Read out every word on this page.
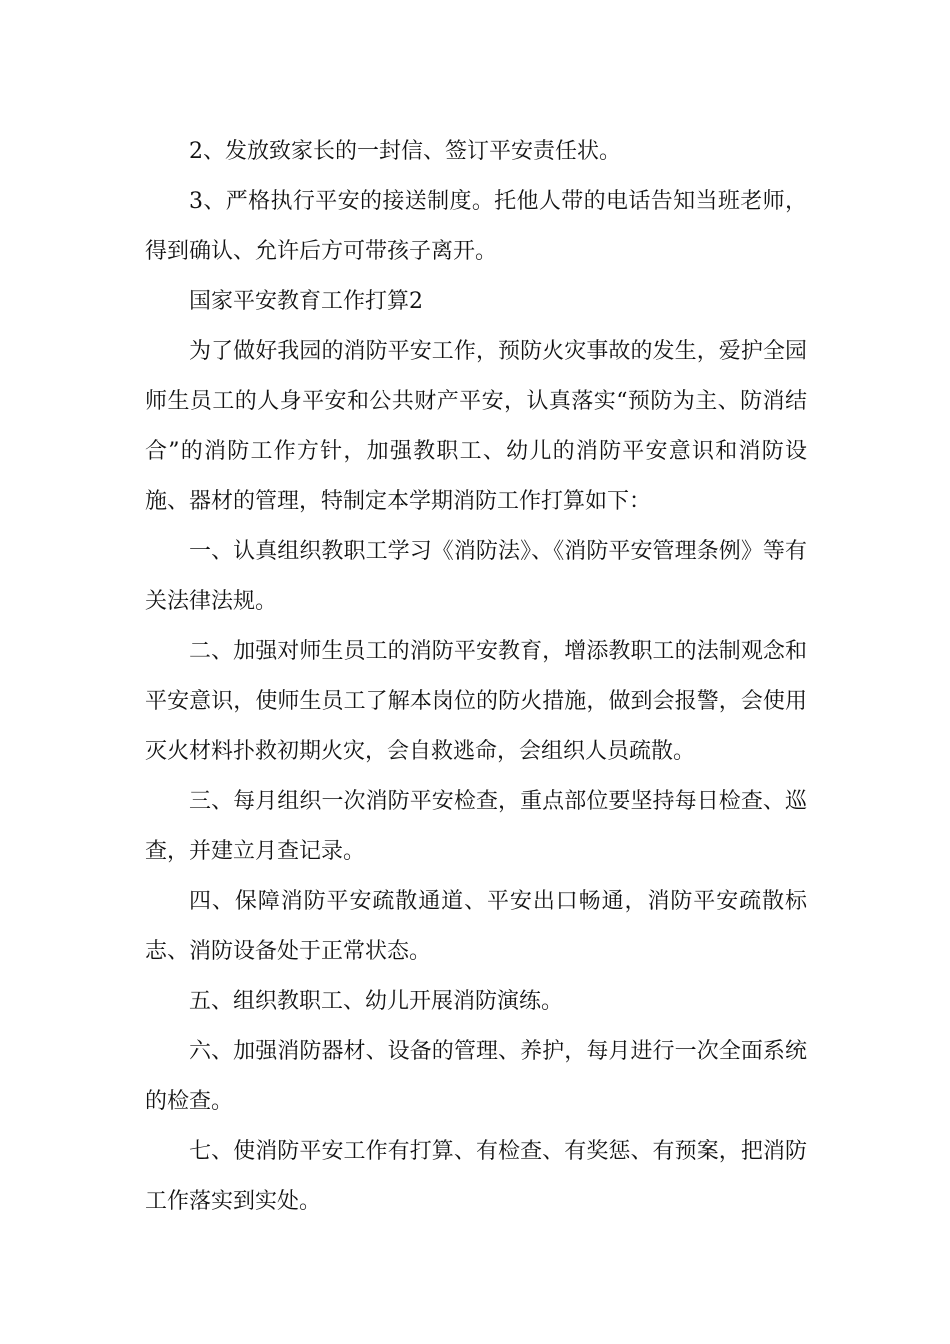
2、发放致家长的一封信、签订平安责任状。

3、严格执行平安的接送制度。托他人带的电话告知当班老师，得到确认、允许后方可带孩子离开。

国家平安教育工作打算2

为了做好我园的消防平安工作，预防火灾事故的发生，爱护全园师生员工的人身平安和公共财产平安，认真落实“预防为主、防消结合”的消防工作方针，加强教职工、幼儿的消防平安意识和消防设施、器材的管理，特制定本学期消防工作打算如下：

一、认真组织教职工学习《消防法》、《消防平安管理条例》等有关法律法规。

二、加强对师生员工的消防平安教育，增添教职工的法制观念和平安意识，使师生员工了解本岗位的防火措施，做到会报警，会使用灭火材料扑救初期火灾，会自救逃命，会组织人员疏散。

三、每月组织一次消防平安检查，重点部位要坚持每日检查、巡查，并建立月查记录。

四、保障消防平安疏散通道、平安出口畅通，消防平安疏散标志、消防设备处于正常状态。

五、组织教职工、幼儿开展消防演练。

六、加强消防器材、设备的管理、养护，每月进行一次全面系统的检查。

七、使消防平安工作有打算、有检查、有奖惩、有预案，把消防工作落实到实处。
